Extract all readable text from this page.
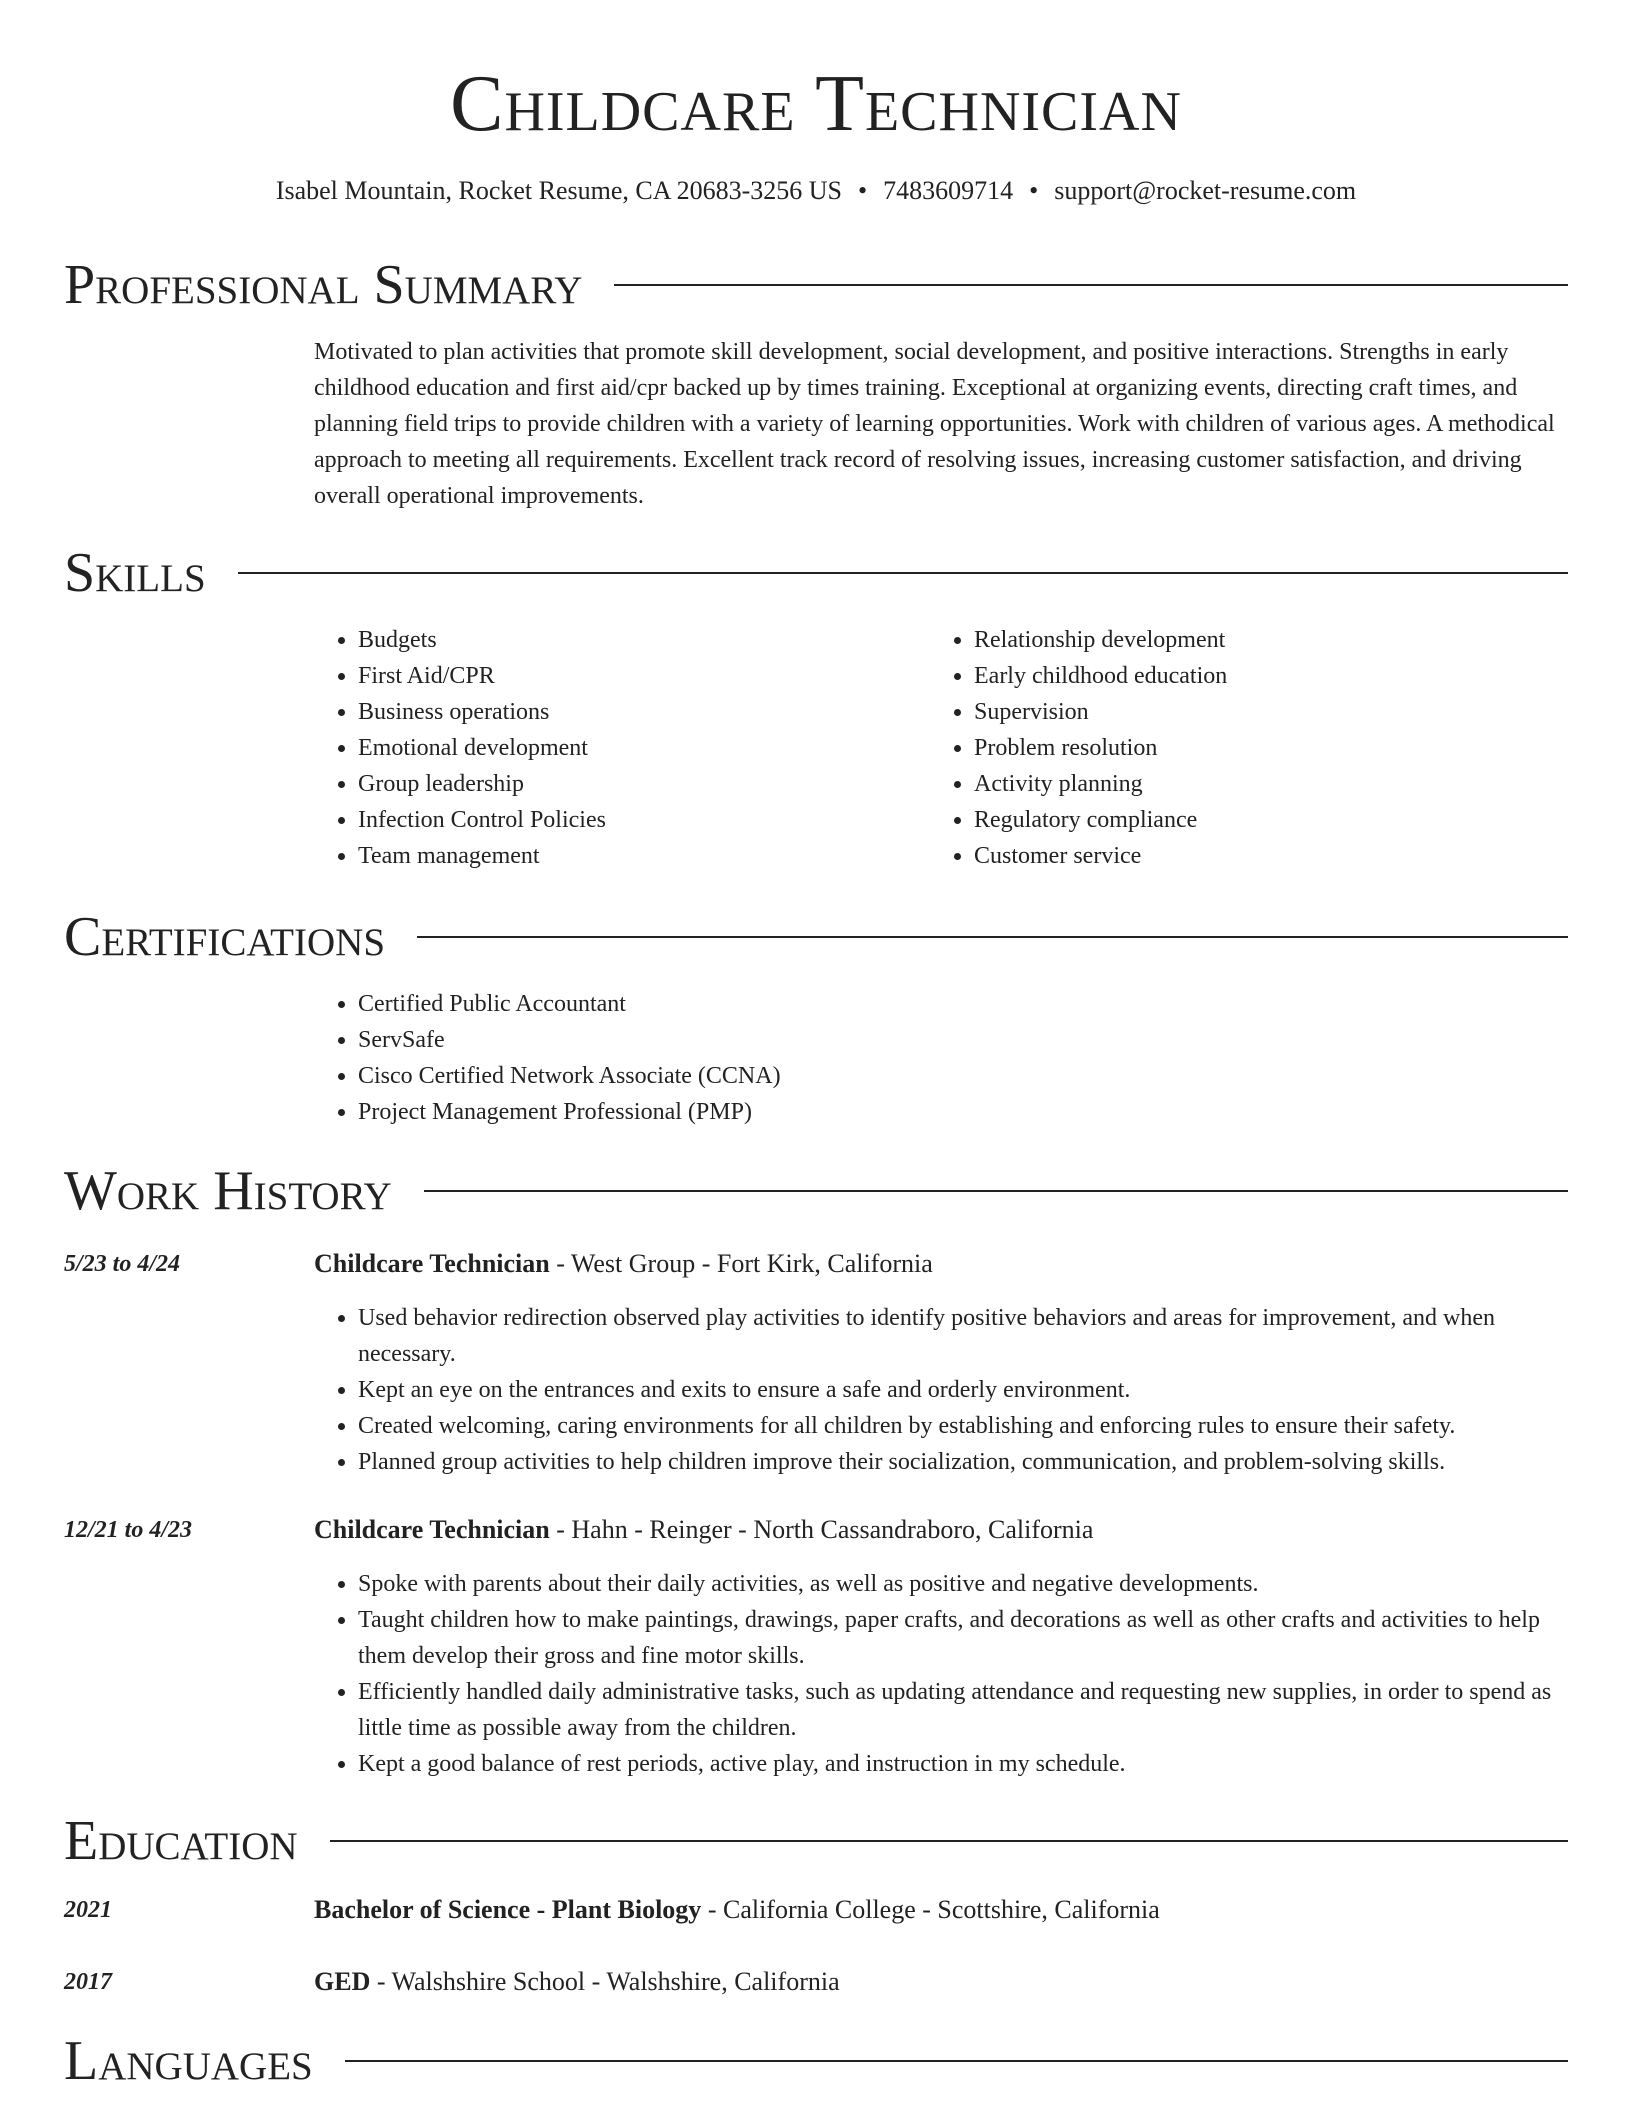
Childcare Technician
Isabel Mountain, Rocket Resume, CA 20683-3256 US • 7483609714 • support@rocket-resume.com
Professional Summary
Motivated to plan activities that promote skill development, social development, and positive interactions. Strengths in early childhood education and first aid/cpr backed up by times training. Exceptional at organizing events, directing craft times, and planning field trips to provide children with a variety of learning opportunities. Work with children of various ages. A methodical approach to meeting all requirements. Excellent track record of resolving issues, increasing customer satisfaction, and driving overall operational improvements.
Skills
• Budgets
• First Aid/CPR
• Business operations
• Emotional development
• Group leadership
• Infection Control Policies
• Team management
• Relationship development
• Early childhood education
• Supervision
• Problem resolution
• Activity planning
• Regulatory compliance
• Customer service
Certifications
• Certified Public Accountant
• ServSafe
• Cisco Certified Network Associate (CCNA)
• Project Management Professional (PMP)
Work History
5/23 to 4/24	Childcare Technician - West Group - Fort Kirk, California
• Used behavior redirection observed play activities to identify positive behaviors and areas for improvement, and when necessary.
• Kept an eye on the entrances and exits to ensure a safe and orderly environment.
• Created welcoming, caring environments for all children by establishing and enforcing rules to ensure their safety.
• Planned group activities to help children improve their socialization, communication, and problem-solving skills.
12/21 to 4/23	Childcare Technician - Hahn - Reinger - North Cassandraboro, California
• Spoke with parents about their daily activities, as well as positive and negative developments.
• Taught children how to make paintings, drawings, paper crafts, and decorations as well as other crafts and activities to help them develop their gross and fine motor skills.
• Efficiently handled daily administrative tasks, such as updating attendance and requesting new supplies, in order to spend as little time as possible away from the children.
• Kept a good balance of rest periods, active play, and instruction in my schedule.
Education
2021	Bachelor of Science - Plant Biology - California College - Scottshire, California
2017	GED - Walshshire School - Walshshire, California
Languages
